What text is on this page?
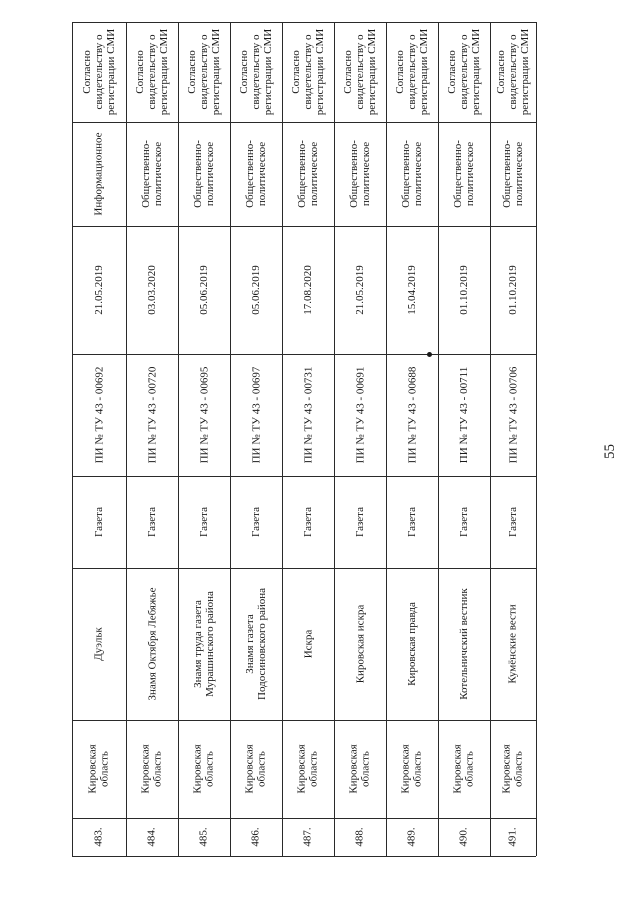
55
Согласно
свидетельству о
регистрации СМИ
Информационное
21.05.2019
ПИ № ТУ 43 - 00692
Газета
Дуэльк
Кировская
область
483.
Согласно
свидетельству о
регистрации СМИ
Общественно-
политическое
03.03.2020
ПИ № ТУ 43 - 00720
Газета
Знамя Октября Лебяжье
Кировская
область
484.
Согласно
свидетельству о
регистрации СМИ
Общественно-
политическое
05.06.2019
ПИ № ТУ 43 - 00695
Газета
Знамя труда газета
Мурашинского района
Кировская
область
485.
Согласно
свидетельству о
регистрации СМИ
Общественно-
политическое
05.06.2019
ПИ № ТУ 43 - 00697
Газета
Знамя газета
Подосиновского района
Кировская
область
486.
Согласно
свидетельству о
регистрации СМИ
Общественно-
политическое
17.08.2020
ПИ № ТУ 43 - 00731
Газета
Искра
Кировская
область
487.
Согласно
свидетельству о
регистрации СМИ
Общественно-
политическое
21.05.2019
ПИ № ТУ 43 - 00691
Газета
Кировская искра
Кировская
область
488.
Согласно
свидетельству о
регистрации СМИ
Общественно-
политическое
15.04.2019
ПИ № ТУ 43 - 00688
Газета
Кировская правда
Кировская
область
489.
Согласно
свидетельству о
регистрации СМИ
Общественно-
политическое
01.10.2019
ПИ № ТУ 43 - 00711
Газета
Котельничский вестник
Кировская
область
490.
Согласно
свидетельству о
регистрации СМИ
Общественно-
политическое
01.10.2019
ПИ № ТУ 43 - 00706
Газета
Кумёнские вести
Кировская
область
491.
